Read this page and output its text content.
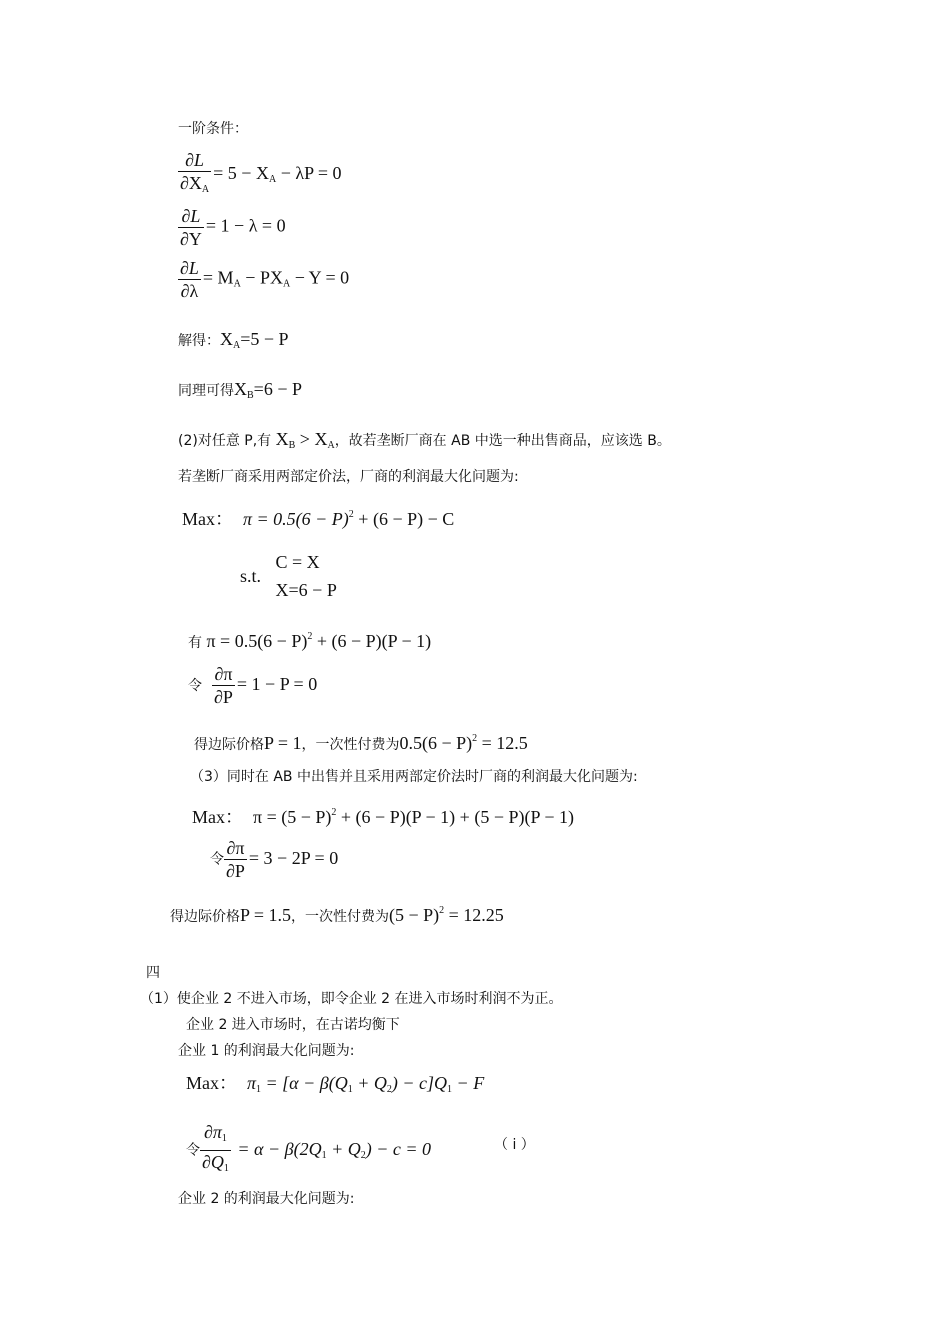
一阶条件：
$\frac{\partial L}{\partial X_A} = 5 - X_A - \lambda P = 0$
$\frac{\partial L}{\partial Y} = 1 - \lambda = 0$
$\frac{\partial L}{\partial\lambda} = M_A - PX_A - Y = 0$
解得：$X_A=5 - P$
同理可得$X_B=6 - P$
(2)对任意 P,有 $X_B > X_A$，故若垄断厂商在 AB 中选一种出售商品，应该选 B。
若垄断厂商采用两部定价法，厂商的利润最大化问题为:
Max： $\pi = 0.5(6 - P)^2 + (6 - P) - C$
s.t. C = X
X=6 − P
有 $\pi = 0.5(6 - P)^2 + (6 - P)(P - 1)$
令 $\frac{\partial\pi}{\partial P} = 1 - P = 0$
得边际价格P = 1，一次性付费为$0.5(6 - P)^2 = 12.5$
（3）同时在 AB 中出售并且采用两部定价法时厂商的利润最大化问题为:
Max： $\pi = (5 - P)^2 + (6 - P)(P - 1) + (5 - P)(P - 1)$
令 $\frac{\partial\pi}{\partial P} = 3 - 2P = 0$
得边际价格P = 1.5，一次性付费为$(5 - P)^2 = 12.25$
四
（1）使企业 2 不进入市场，即令企业 2 在进入市场时利润不为正。
企业 2 进入市场时，在古诺均衡下
企业 1 的利润最大化问题为:
Max： $\pi_1 = [\alpha - \beta(Q_1 + Q_2) - c]Q_1 - F$
令 $\frac{\partial\pi_1}{\partial Q_1} = \alpha - \beta(2Q_1 + Q_2) - c = 0$	（ i ）
企业 2 的利润最大化问题为:
